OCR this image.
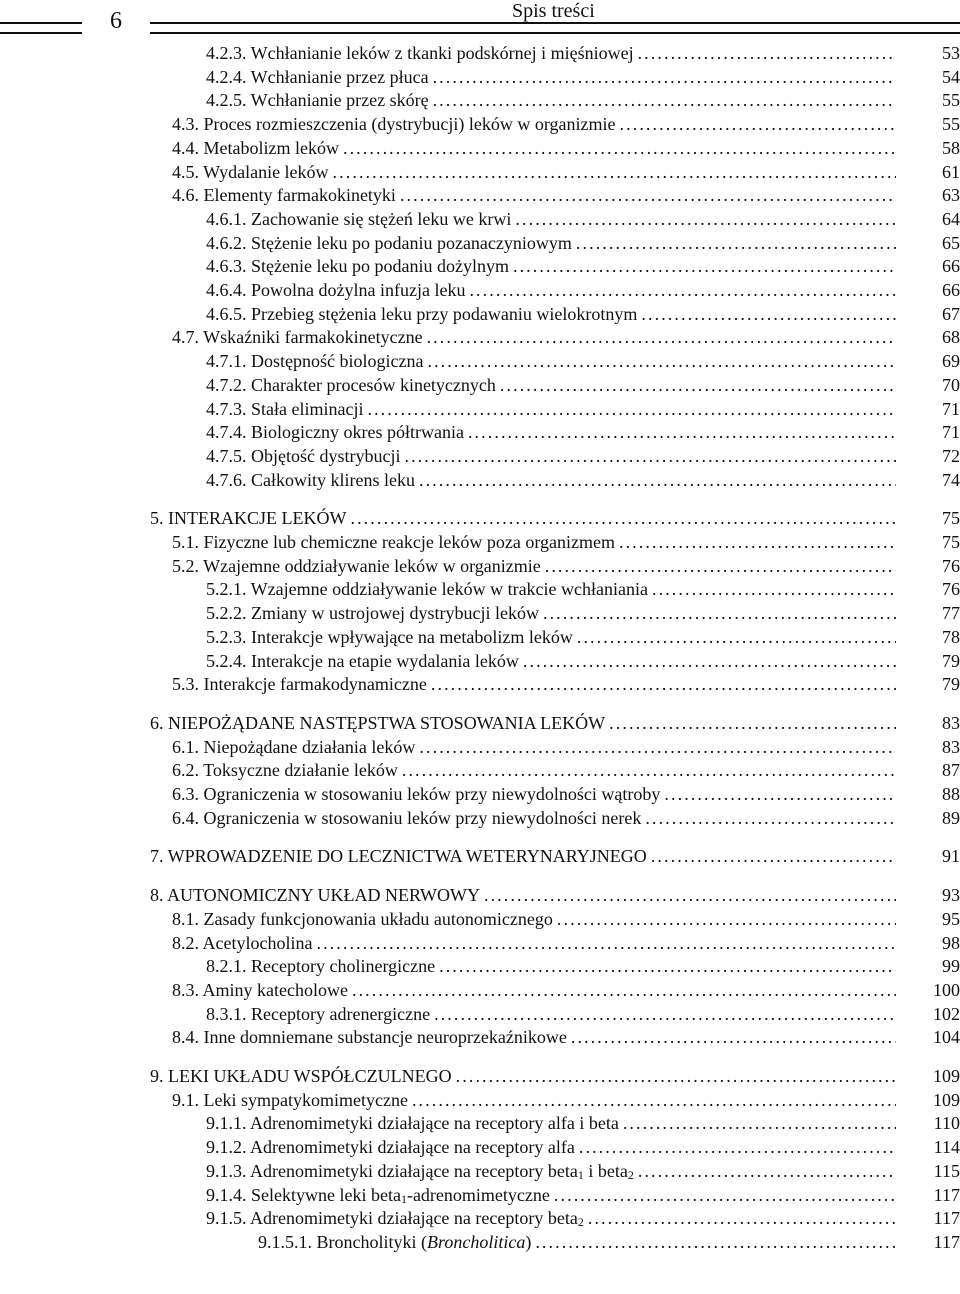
6	Spis treści
4.2.3. Wchłanianie leków z tkanki podskórnej i mięśniowej . . .	53
4.2.4. Wchłanianie przez płuca . . .	54
4.2.5. Wchłanianie przez skórę . . .	55
4.3. Proces rozmieszczenia (dystrybucji) leków w organizmie . . .	55
4.4. Metabolizm leków . . .	58
4.5. Wydalanie leków . . .	61
4.6. Elementy farmakokinetyki . . .	63
4.6.1. Zachowanie się stężeń leku we krwi . . .	64
4.6.2. Stężenie leku po podaniu pozanaczyniowym . . .	65
4.6.3. Stężenie leku po podaniu dożylnym . . .	66
4.6.4. Powolna dożylna infuzja leku . . .	66
4.6.5. Przebieg stężenia leku przy podawaniu wielokrotnym . . .	67
4.7. Wskaźniki farmakokinetyczne . . .	68
4.7.1. Dostępność biologiczna . . .	69
4.7.2. Charakter procesów kinetycznych . . .	70
4.7.3. Stała eliminacji . . .	71
4.7.4. Biologiczny okres półtrwania . . .	71
4.7.5. Objętość dystrybucji . . .	72
4.7.6. Całkowity klirens leku . . .	74
5. INTERAKCJE LEKÓW . . .	75
5.1. Fizyczne lub chemiczne reakcje leków poza organizmem . . .	75
5.2. Wzajemne oddziaływanie leków w organizmie . . .	76
5.2.1. Wzajemne oddziaływanie leków w trakcie wchłaniania . . .	76
5.2.2. Zmiany w ustrojowej dystrybucji leków . . .	77
5.2.3. Interakcje wpływające na metabolizm leków . . .	78
5.2.4. Interakcje na etapie wydalania leków . . .	79
5.3. Interakcje farmakodynamiczne . . .	79
6. NIEPOŻĄDANE NASTĘPSTWA STOSOWANIA LEKÓW . . .	83
6.1. Niepożądane działania leków . . .	83
6.2. Toksyczne działanie leków . . .	87
6.3. Ograniczenia w stosowaniu leków przy niewydolności wątroby . . .	88
6.4. Ograniczenia w stosowaniu leków przy niewydolności nerek . . .	89
7. WPROWADZENIE DO LECZNICTWA WETERYNARYJNEGO . . .	91
8. AUTONOMICZNY UKŁAD NERWOWY . . .	93
8.1. Zasady funkcjonowania układu autonomicznego . . .	95
8.2. Acetylocholina . . .	98
8.2.1. Receptory cholinergiczne . . .	99
8.3. Aminy katecholowe . . .	100
8.3.1. Receptory adrenergiczne . . .	102
8.4. Inne domniemane substancje neuroprzekaźnikowe . . .	104
9. LEKI UKŁADU WSPÓŁCZULNEGO . . .	109
9.1. Leki sympatykomimetyczne . . .	109
9.1.1. Adrenomimetyki działające na receptory alfa i beta . . .	110
9.1.2. Adrenomimetyki działające na receptory alfa . . .	114
9.1.3. Adrenomimetyki działające na receptory beta$_1$ i beta$_2$ . . .	115
9.1.4. Selektywne leki beta$_1$-adrenomimetyczne . . .	117
9.1.5. Adrenomimetyki działające na receptory beta$_2$ . . .	117
9.1.5.1. Broncholityki (Broncholitica) . . .	117
